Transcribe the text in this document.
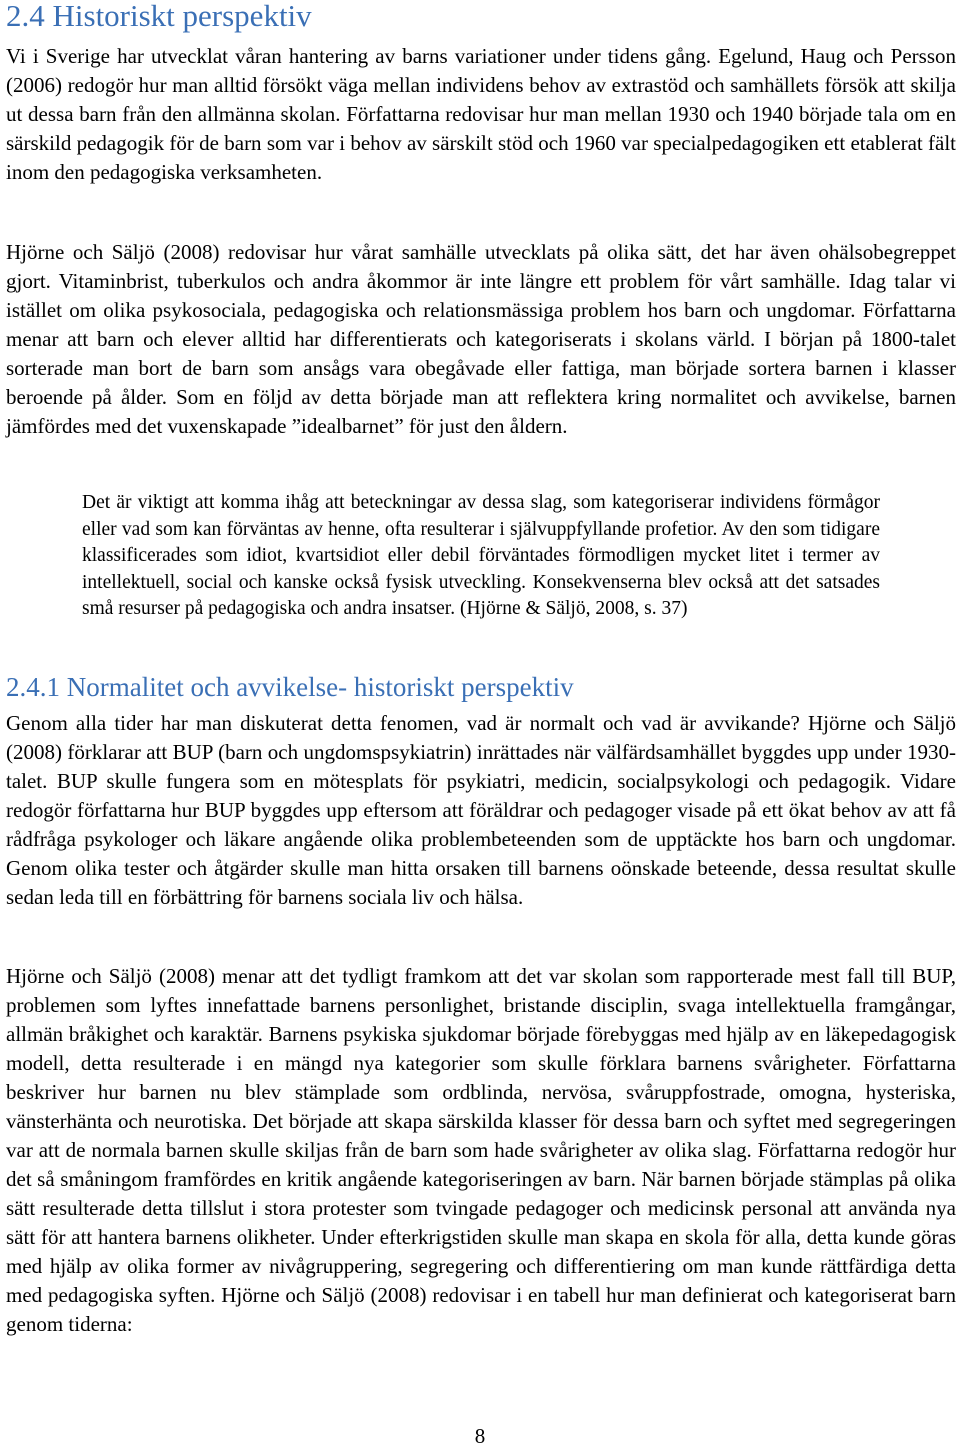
2.4 Historiskt perspektiv

Vi i Sverige har utvecklat våran hantering av barns variationer under tidens gång. Egelund, Haug och Persson (2006) redogör hur man alltid försökt väga mellan individens behov av extrastöd och samhällets försök att skilja ut dessa barn från den allmänna skolan. Författarna redovisar hur man mellan 1930 och 1940 började tala om en särskild pedagogik för de barn som var i behov av särskilt stöd och 1960 var specialpedagogiken ett etablerat fält inom den pedagogiska verksamheten.

Hjörne och Säljö (2008) redovisar hur vårat samhälle utvecklats på olika sätt, det har även ohälsobegreppet gjort. Vitaminbrist, tuberkulos och andra åkommor är inte längre ett problem för vårt samhälle. Idag talar vi istället om olika psykosociala, pedagogiska och relationsmässiga problem hos barn och ungdomar. Författarna menar att barn och elever alltid har differentierats och kategoriserats i skolans värld. I början på 1800-talet sorterade man bort de barn som ansågs vara obegåvade eller fattiga, man började sortera barnen i klasser beroende på ålder. Som en följd av detta började man att reflektera kring normalitet och avvikelse, barnen jämfördes med det vuxenskapade ”idealbarnet” för just den åldern.

Det är viktigt att komma ihåg att beteckningar av dessa slag, som kategoriserar individens förmågor eller vad som kan förväntas av henne, ofta resulterar i självuppfyllande profetior. Av den som tidigare klassificerades som idiot, kvartsidiot eller debil förväntades förmodligen mycket litet i termer av intellektuell, social och kanske också fysisk utveckling. Konsekvenserna blev också att det satsades små resurser på pedagogiska och andra insatser. (Hjörne & Säljö, 2008, s. 37)

2.4.1 Normalitet och avvikelse- historiskt perspektiv

Genom alla tider har man diskuterat detta fenomen, vad är normalt och vad är avvikande? Hjörne och Säljö (2008) förklarar att BUP (barn och ungdomspsykiatrin) inrättades när välfärdsamhället byggdes upp under 1930-talet. BUP skulle fungera som en mötesplats för psykiatri, medicin, socialpsykologi och pedagogik. Vidare redogör författarna hur BUP byggdes upp eftersom att föräldrar och pedagoger visade på ett ökat behov av att få rådfråga psykologer och läkare angående olika problembeteenden som de upptäckte hos barn och ungdomar. Genom olika tester och åtgärder skulle man hitta orsaken till barnens oönskade beteende, dessa resultat skulle sedan leda till en förbättring för barnens sociala liv och hälsa.

Hjörne och Säljö (2008) menar att det tydligt framkom att det var skolan som rapporterade mest fall till BUP, problemen som lyftes innefattade barnens personlighet, bristande disciplin, svaga intellektuella framgångar, allmän bråkighet och karaktär. Barnens psykiska sjukdomar började förebyggas med hjälp av en läkepedagogisk modell, detta resulterade i en mängd nya kategorier som skulle förklara barnens svårigheter. Författarna beskriver hur barnen nu blev stämplade som ordblinda, nervösa, svåruppfostrade, omogna, hysteriska, vänsterhänta och neurotiska. Det började att skapa särskilda klasser för dessa barn och syftet med segregeringen var att de normala barnen skulle skiljas från de barn som hade svårigheter av olika slag. Författarna redogör hur det så småningom framfördes en kritik angående kategoriseringen av barn. När barnen började stämplas på olika sätt resulterade detta tillslut i stora protester som tvingade pedagoger och medicinsk personal att använda nya sätt för att hantera barnens olikheter. Under efterkrigstiden skulle man skapa en skola för alla, detta kunde göras med hjälp av olika former av nivågruppering, segregering och differentiering om man kunde rättfärdiga detta med pedagogiska syften. Hjörne och Säljö (2008) redovisar i en tabell hur man definierat och kategoriserat barn genom tiderna:

8
